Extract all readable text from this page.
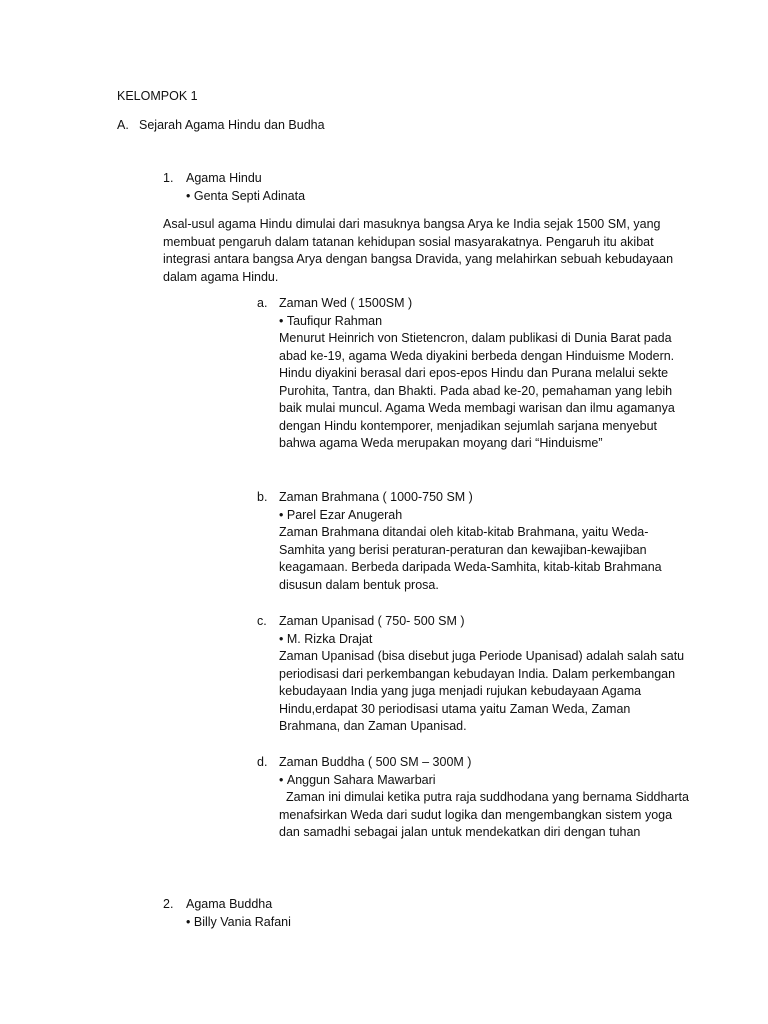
KELOMPOK 1
A. Sejarah Agama Hindu dan Budha
1. Agama Hindu
• Genta Septi Adinata
Asal-usul agama Hindu dimulai dari masuknya bangsa Arya ke India sejak 1500 SM, yang membuat pengaruh dalam tatanan kehidupan sosial masyarakatnya. Pengaruh itu akibat integrasi antara bangsa Arya dengan bangsa Dravida, yang melahirkan sebuah kebudayaan dalam agama Hindu.
a. Zaman Wed ( 1500SM )

• Taufiqur Rahman

Menurut Heinrich von Stietencron, dalam publikasi di Dunia Barat pada abad ke-19, agama Weda diyakini berbeda dengan Hinduisme Modern. Hindu diyakini berasal dari epos-epos Hindu dan Purana melalui sekte Purohita, Tantra, dan Bhakti. Pada abad ke-20, pemahaman yang lebih baik mulai muncul. Agama Weda membagi warisan dan ilmu agamanya dengan Hindu kontemporer, menjadikan sejumlah sarjana menyebut bahwa agama Weda merupakan moyang dari “Hinduisme”

b. Zaman Brahmana ( 1000-750 SM )

• Parel Ezar Anugerah

Zaman Brahmana ditandai oleh kitab-kitab Brahmana, yaitu Weda-Samhita yang berisi peraturan-peraturan dan kewajiban-kewajiban keagamaan. Berbeda daripada Weda-Samhita, kitab-kitab Brahmana disusun dalam bentuk prosa.

c. Zaman Upanisad ( 750- 500 SM )

• M. Rizka Drajat

Zaman Upanisad (bisa disebut juga Periode Upanisad) adalah salah satu periodisasi dari perkembangan kebudayan India. Dalam perkembangan kebudayaan India yang juga menjadi rujukan kebudayaan Agama Hindu,erdapat 30 periodisasi utama yaitu Zaman Weda, Zaman Brahmana, dan Zaman Upanisad.

d. Zaman Buddha ( 500 SM – 300M )

• Anggun Sahara Mawarbari

Zaman ini dimulai ketika putra raja suddhodana yang bernama Siddharta menafsirkan Weda dari sudut logika dan mengembangkan sistem yoga dan samadhi sebagai jalan untuk mendekatkan diri dengan tuhan

2. Agama Buddha
• Billy Vania Rafani
